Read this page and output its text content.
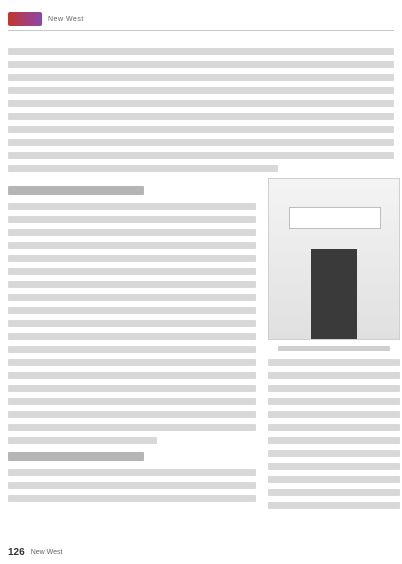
New West
126 New West
